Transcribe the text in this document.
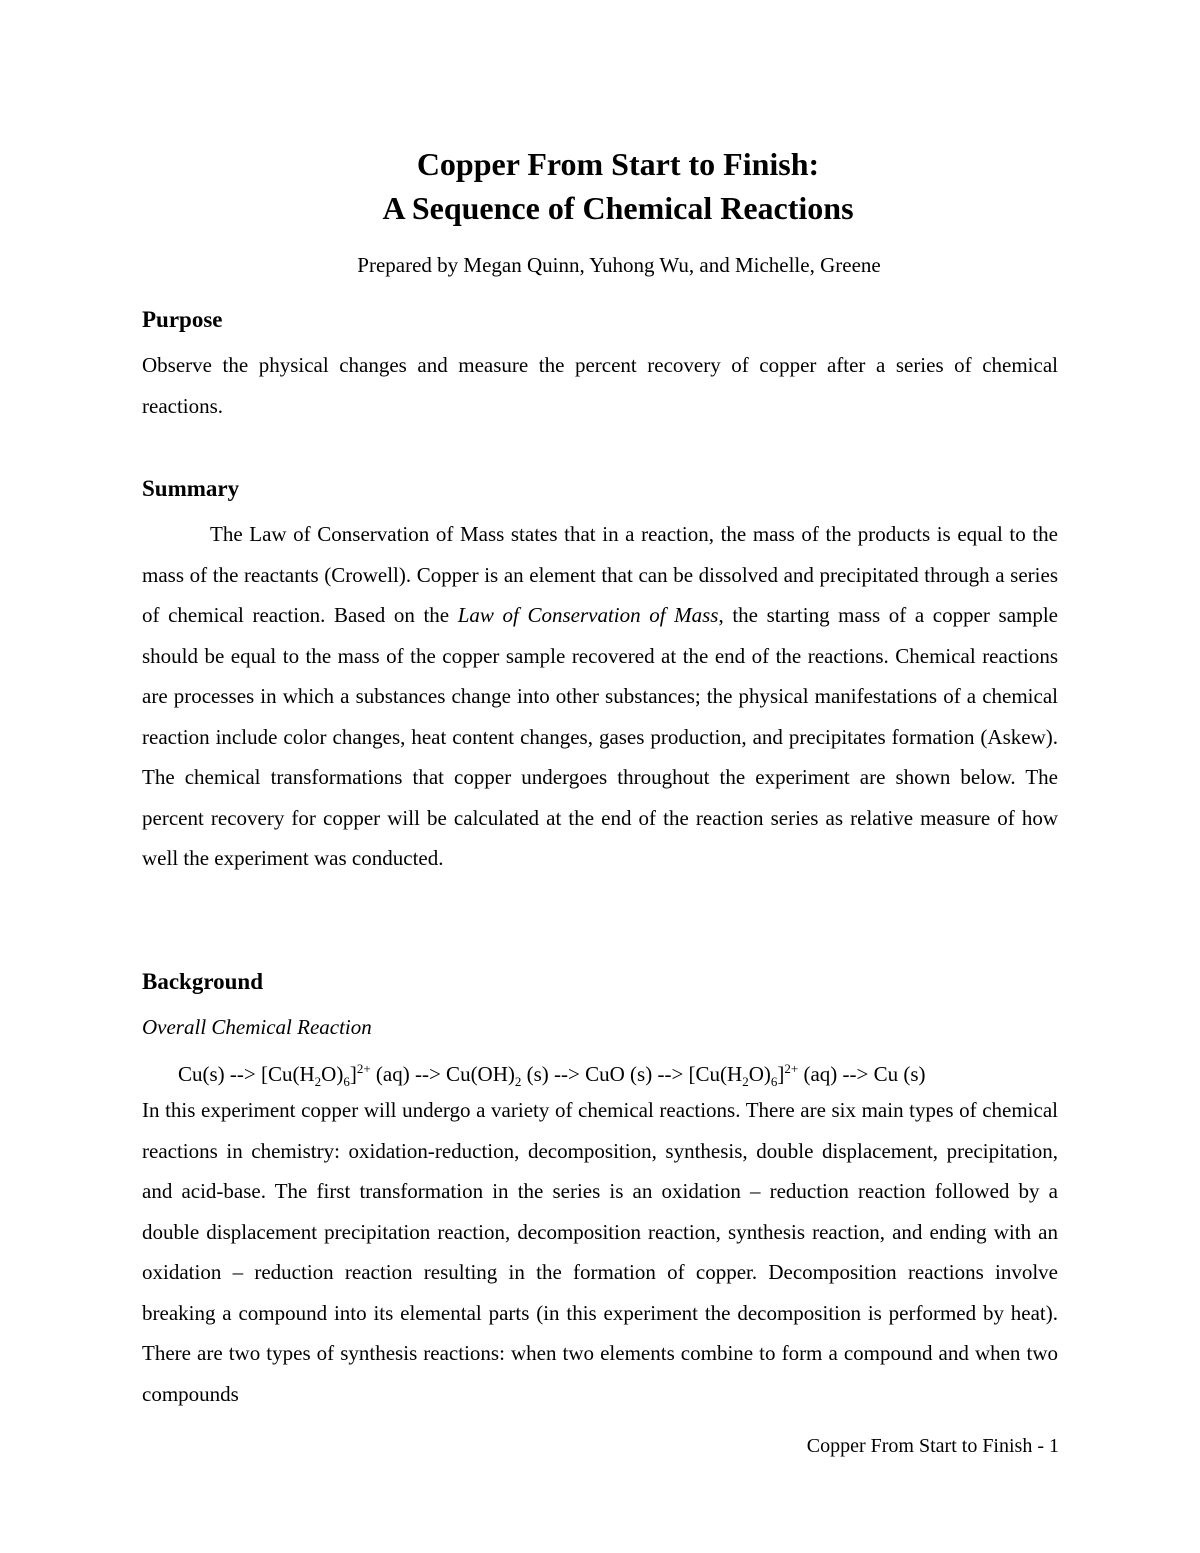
Copper From Start to Finish:

A Sequence of Chemical Reactions

Prepared by Megan Quinn, Yuhong Wu, and Michelle, Greene
Purpose

Observe the physical changes and measure the percent recovery of copper after a series of chemical reactions.

Summary

The Law of Conservation of Mass states that in a reaction, the mass of the products is equal to the mass of the reactants (Crowell). Copper is an element that can be dissolved and precipitated through a series of chemical reaction. Based on the Law of Conservation of Mass, the starting mass of a copper sample should be equal to the mass of the copper sample recovered at the end of the reactions. Chemical reactions are processes in which a substances change into other substances; the physical manifestations of a chemical reaction include color changes, heat content changes, gases production, and precipitates formation (Askew). The chemical transformations that copper undergoes throughout the experiment are shown below. The percent recovery for copper will be calculated at the end of the reaction series as relative measure of how well the experiment was conducted.

Background
Overall Chemical Reaction
Cu(s) --> $[Cu(H_2O)_6]^{2+}$ (aq) --> $Cu(OH)_2$ (s) --> CuO (s) --> $[Cu(H_2O)_6]^{2+}$ (aq) --> Cu (s)

In this experiment copper will undergo a variety of chemical reactions. There are six main types of chemical reactions in chemistry: oxidation-reduction, decomposition, synthesis, double displacement, precipitation, and acid-base. The first transformation in the series is an oxidation – reduction reaction followed by a double displacement precipitation reaction, decomposition reaction, synthesis reaction, and ending with an oxidation – reduction reaction resulting in the formation of copper. Decomposition reactions involve breaking a compound into its elemental parts (in this experiment the decomposition is performed by heat). There are two types of synthesis reactions: when two elements combine to form a compound and when two compounds

Copper From Start to Finish - 1
